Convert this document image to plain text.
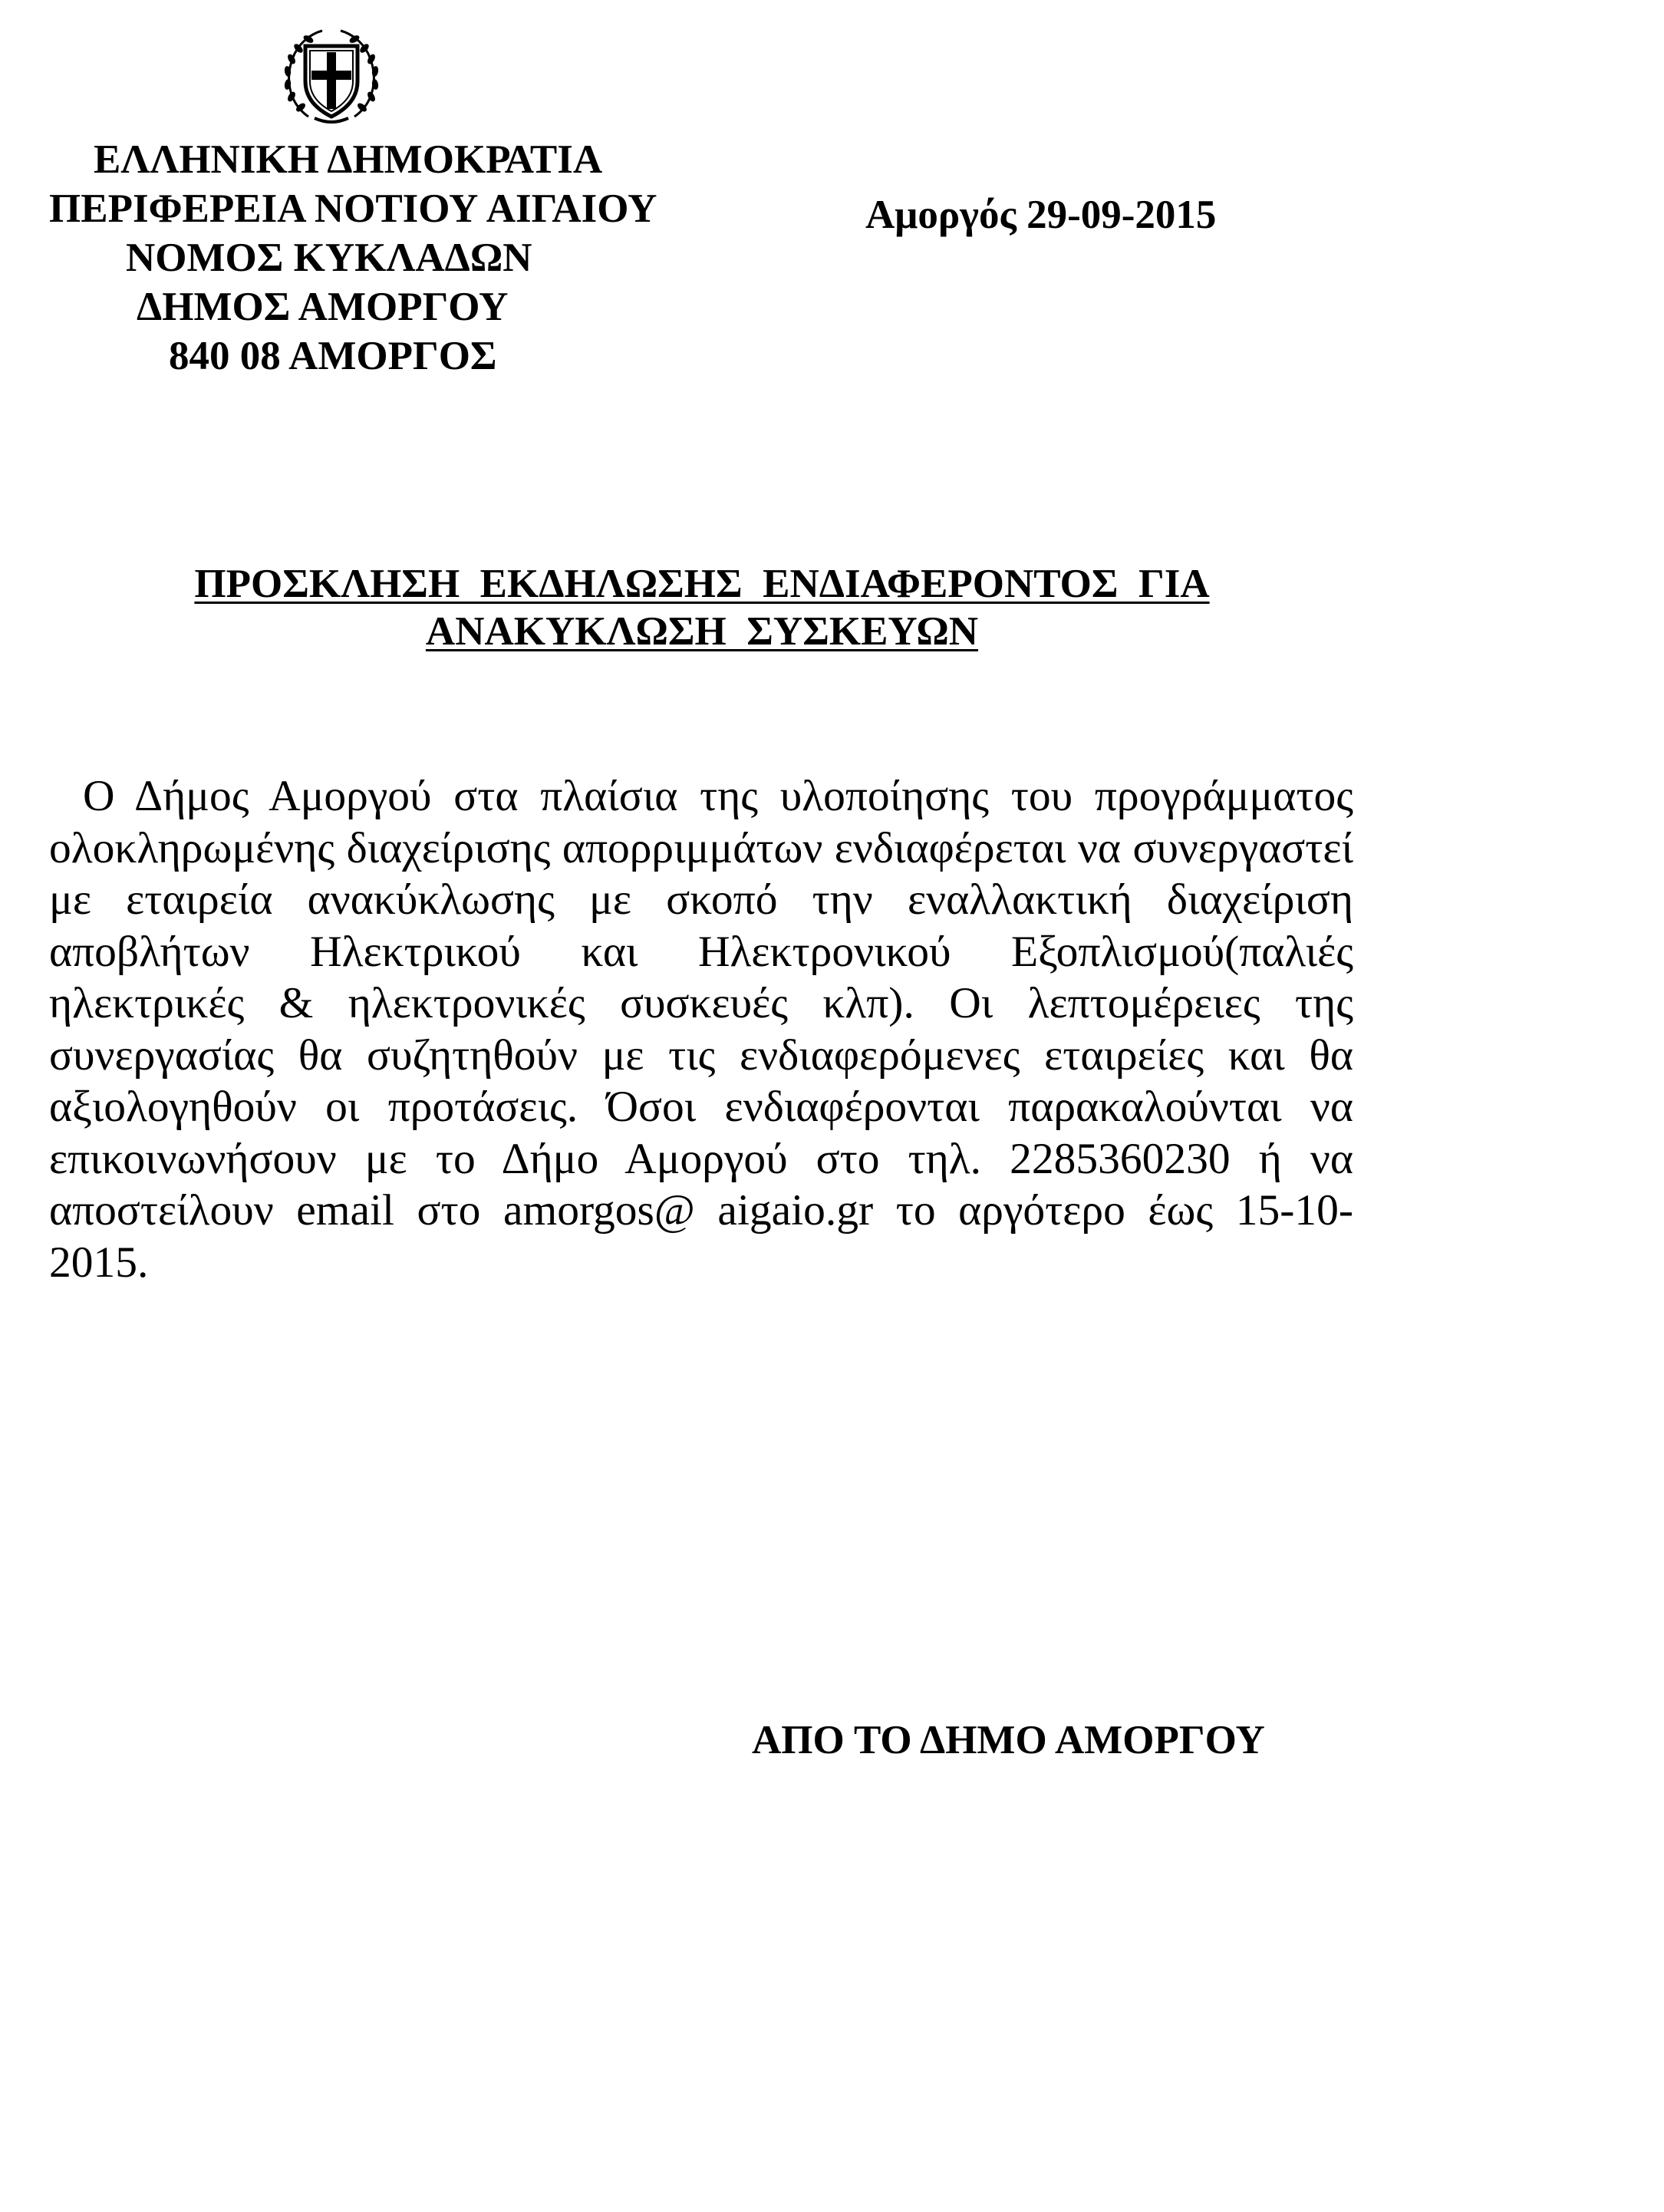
ΕΛΛΗΝΙΚΗ ΔΗΜΟΚΡΑΤΙΑ
ΠΕΡΙΦΕΡΕΙΑ ΝΟΤΙΟΥ ΑΙΓΑΙΟΥ
ΝΟΜΟΣ ΚΥΚΛΑΔΩΝ
ΔΗΜΟΣ ΑΜΟΡΓΟΥ
840 08 ΑΜΟΡΓΟΣ
Αμοργός 29-09-2015
ΠΡΟΣΚΛΗΣΗ  ΕΚΔΗΛΩΣΗΣ  ΕΝΔΙΑΦΕΡΟΝΤΟΣ  ΓΙΑ
ΑΝΑΚΥΚΛΩΣΗ  ΣΥΣΚΕΥΩΝ
Ο Δήμος Αμοργού στα πλαίσια της υλοποίησης του προγράμματος ολοκληρωμένης διαχείρισης απορριμμάτων ενδιαφέρεται να συνεργαστεί με εταιρεία ανακύκλωσης με σκοπό την εναλλακτική διαχείριση αποβλήτων Ηλεκτρικού και Ηλεκτρονικού Εξοπλισμού(παλιές ηλεκτρικές & ηλεκτρονικές συσκευές κλπ). Οι λεπτομέρειες της συνεργασίας θα συζητηθούν με τις ενδιαφερόμενες εταιρείες και θα αξιολογηθούν οι προτάσεις. Όσοι ενδιαφέρονται παρακαλούνται να επικοινωνήσουν με το Δήμο Αμοργού στο τηλ. 2285360230 ή να αποστείλουν email στο amorgos@ aigaio.gr το αργότερο έως 15-10-2015.
ΑΠΟ ΤΟ ΔΗΜΟ ΑΜΟΡΓΟΥ
